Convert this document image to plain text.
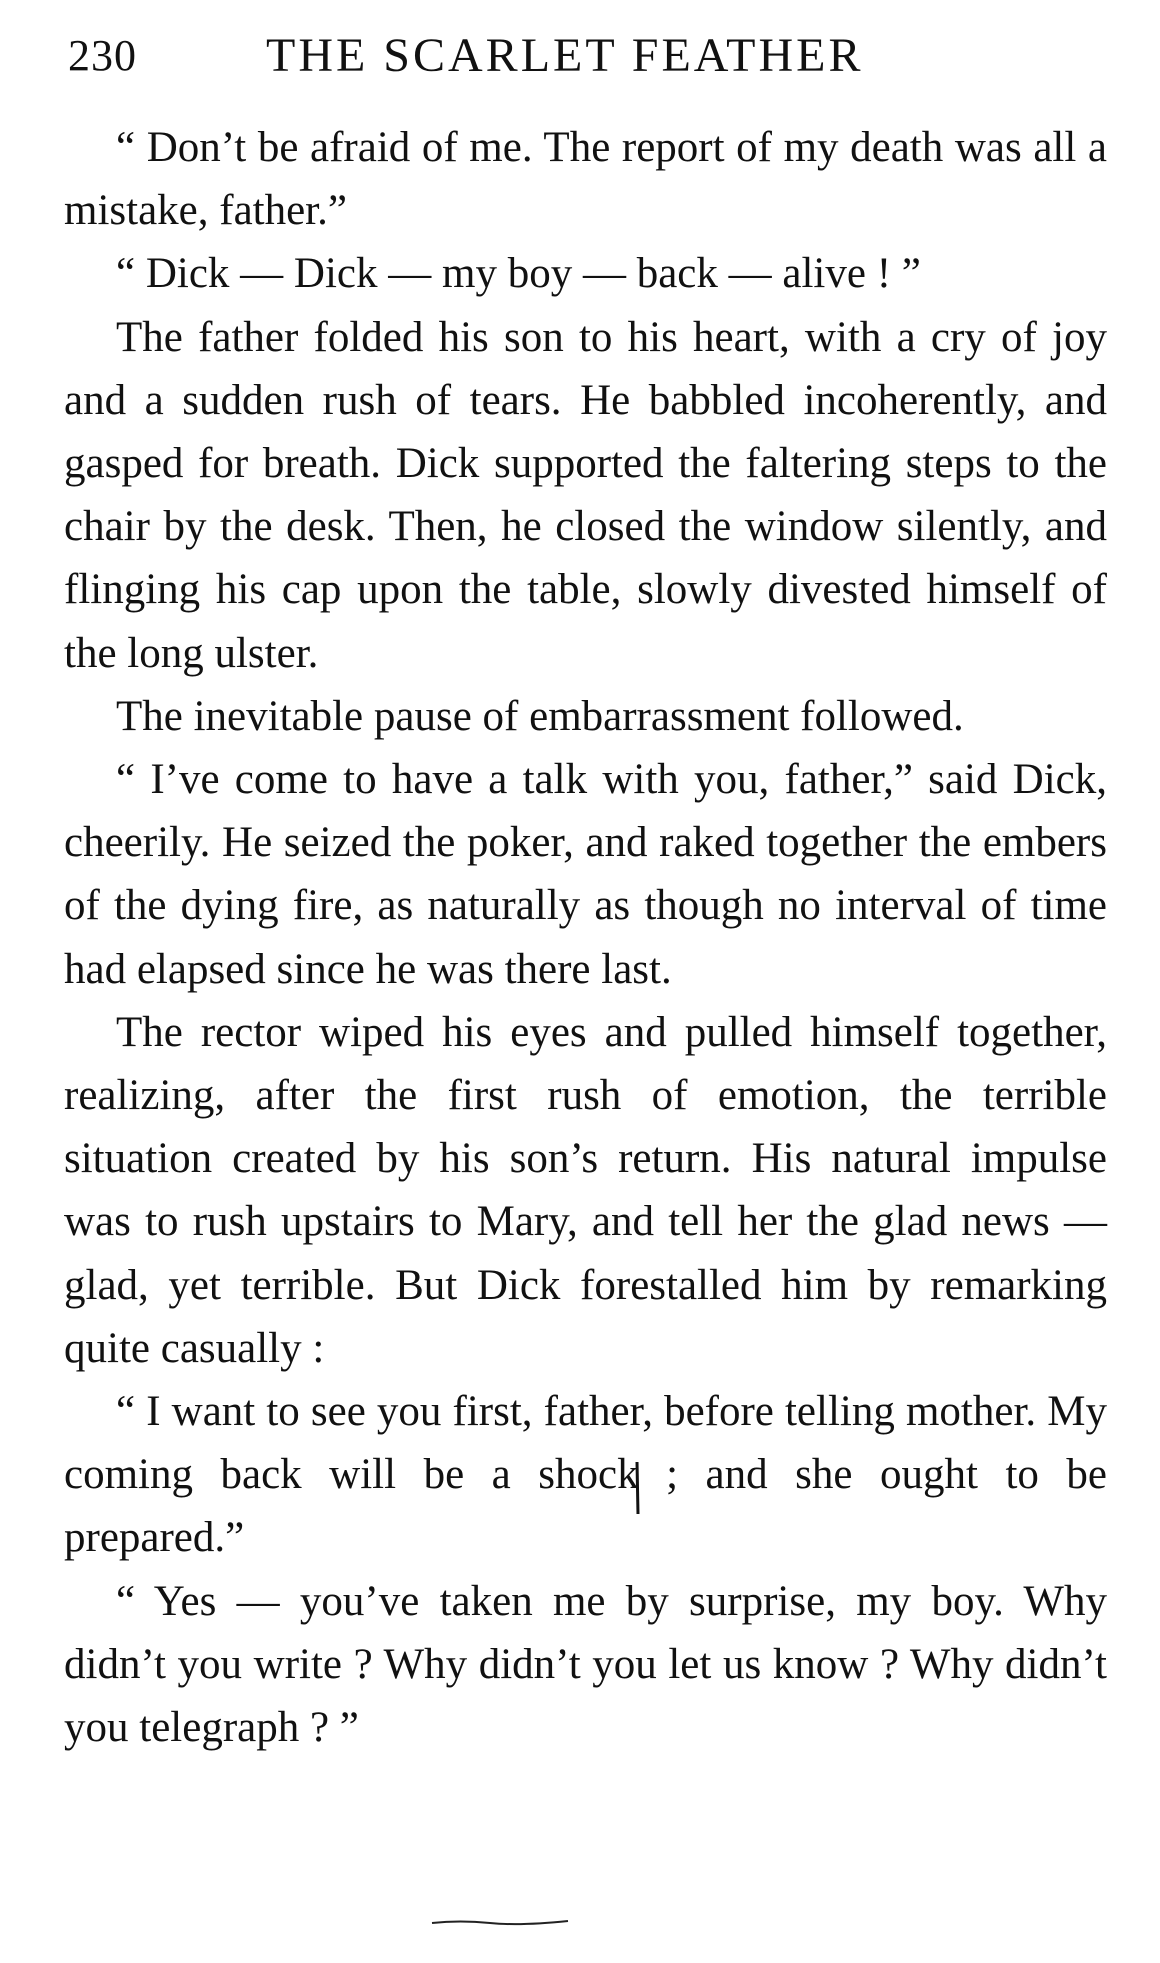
230	THE SCARLET FEATHER

“ Don’t be afraid of me. The report of my death was all a mistake, father.”

“ Dick — Dick — my boy — back — alive ! ”

The father folded his son to his heart, with a cry of joy and a sudden rush of tears. He babbled incoherently, and gasped for breath. Dick supported the faltering steps to the chair by the desk. Then, he closed the window silently, and flinging his cap upon the table, slowly divested himself of the long ulster.

The inevitable pause of embarrassment followed.

“ I’ve come to have a talk with you, father,” said Dick, cheerily. He seized the poker, and raked together the embers of the dying fire, as naturally as though no interval of time had elapsed since he was there last.

The rector wiped his eyes and pulled himself together, realizing, after the first rush of emotion, the terrible situation created by his son’s return. His natural impulse was to rush upstairs to Mary, and tell her the glad news — glad, yet terrible. But Dick forestalled him by remarking quite casually :

“ I want to see you first, father, before telling mother. My coming back will be a shock ; and she ought to be prepared.”

“ Yes — you’ve taken me by surprise, my boy. Why didn’t you write ? Why didn’t you let us know ? Why didn’t you telegraph ? ”
